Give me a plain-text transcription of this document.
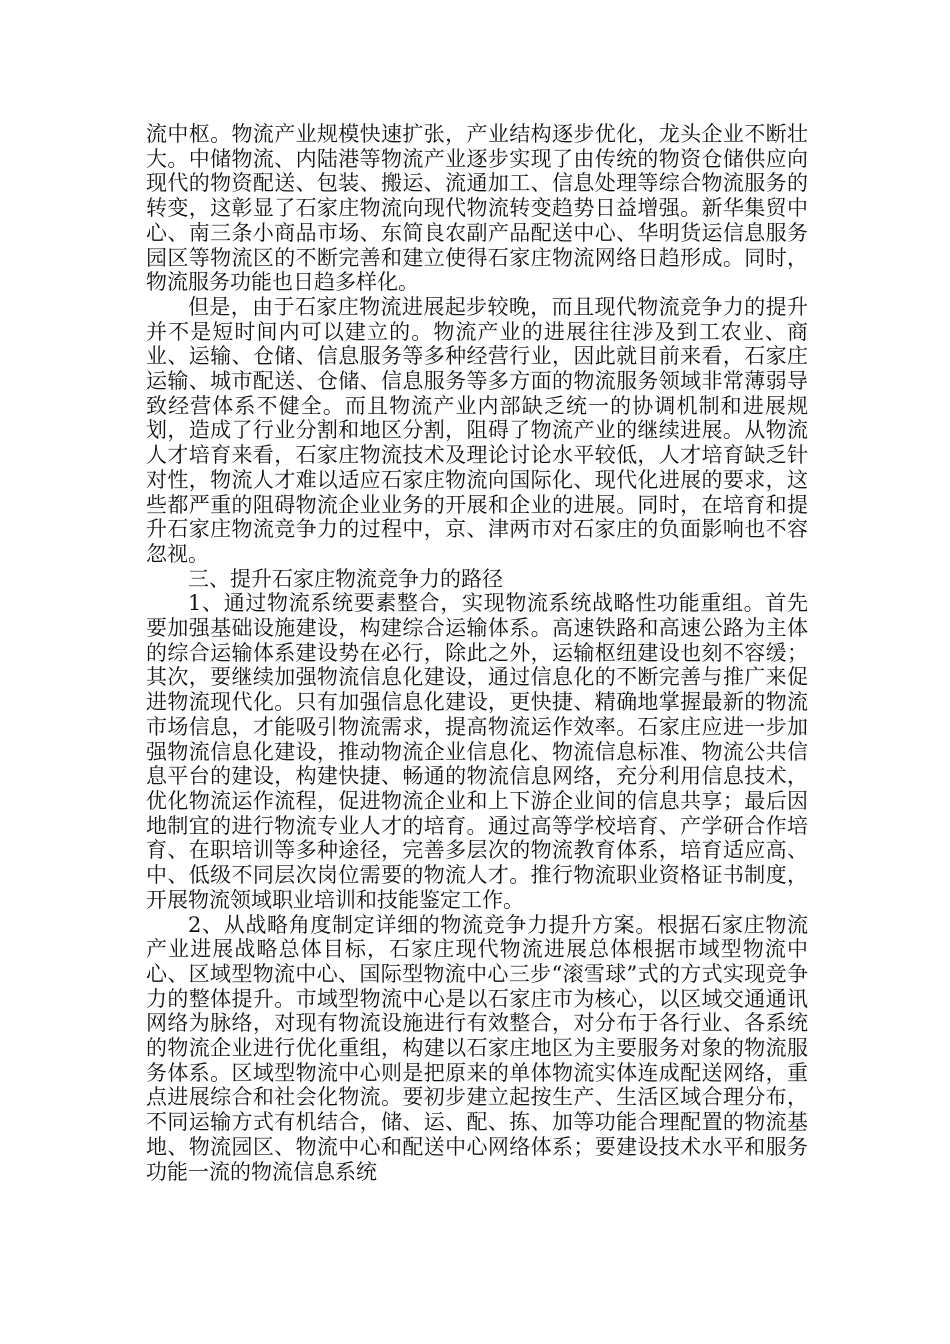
流中枢。物流产业规模快速扩张，产业结构逐步优化，龙头企业不断壮大。中储物流、内陆港等物流产业逐步实现了由传统的物资仓储供应向现代的物资配送、包装、搬运、流通加工、信息处理等综合物流服务的转变，这彰显了石家庄物流向现代物流转变趋势日益增强。新华集贸中心、南三条小商品市场、东简良农副产品配送中心、华明货运信息服务园区等物流区的不断完善和建立使得石家庄物流网络日趋形成。同时，物流服务功能也日趋多样化。

但是，由于石家庄物流进展起步较晚，而且现代物流竞争力的提升并不是短时间内可以建立的。物流产业的进展往往涉及到工农业、商业、运输、仓储、信息服务等多种经营行业，因此就目前来看，石家庄运输、城市配送、仓储、信息服务等多方面的物流服务领域非常薄弱导致经营体系不健全。而且物流产业内部缺乏统一的协调机制和进展规划，造成了行业分割和地区分割，阻碍了物流产业的继续进展。从物流人才培育来看，石家庄物流技术及理论讨论水平较低，人才培育缺乏针对性，物流人才难以适应石家庄物流向国际化、现代化进展的要求，这些都严重的阻碍物流企业业务的开展和企业的进展。同时，在培育和提升石家庄物流竞争力的过程中，京、津两市对石家庄的负面影响也不容忽视。

三、提升石家庄物流竞争力的路径

1、通过物流系统要素整合，实现物流系统战略性功能重组。首先要加强基础设施建设，构建综合运输体系。高速铁路和高速公路为主体的综合运输体系建设势在必行，除此之外，运输枢纽建设也刻不容缓；其次，要继续加强物流信息化建设，通过信息化的不断完善与推广来促进物流现代化。只有加强信息化建设，更快捷、精确地掌握最新的物流市场信息，才能吸引物流需求，提高物流运作效率。石家庄应进一步加强物流信息化建设，推动物流企业信息化、物流信息标准、物流公共信息平台的建设，构建快捷、畅通的物流信息网络，充分利用信息技术，优化物流运作流程，促进物流企业和上下游企业间的信息共享；最后因地制宜的进行物流专业人才的培育。通过高等学校培育、产学研合作培育、在职培训等多种途径，完善多层次的物流教育体系，培育适应高、中、低级不同层次岗位需要的物流人才。推行物流职业资格证书制度，开展物流领域职业培训和技能鉴定工作。

2、从战略角度制定详细的物流竞争力提升方案。根据石家庄物流产业进展战略总体目标，石家庄现代物流进展总体根据市域型物流中心、区域型物流中心、国际型物流中心三步“滚雪球”式的方式实现竞争力的整体提升。市域型物流中心是以石家庄市为核心，以区域交通通讯网络为脉络，对现有物流设施进行有效整合，对分布于各行业、各系统的物流企业进行优化重组，构建以石家庄地区为主要服务对象的物流服务体系。区域型物流中心则是把原来的单体物流实体连成配送网络，重点进展综合和社会化物流。要初步建立起按生产、生活区域合理分布，不同运输方式有机结合，储、运、配、拣、加等功能合理配置的物流基地、物流园区、物流中心和配送中心网络体系；要建设技术水平和服务功能一流的物流信息系统
